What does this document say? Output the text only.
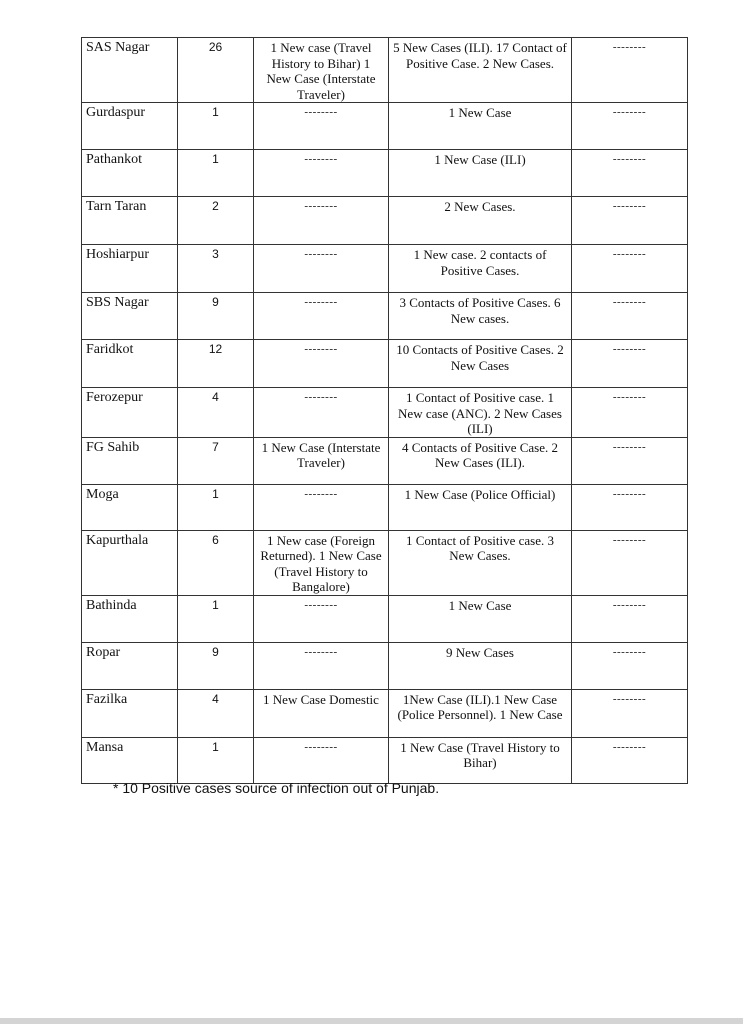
SAS Nagar	26	1 New case (Travel History to Bihar) 1 New Case (Interstate Traveler)	5 New Cases (ILI). 17 Contact of Positive Case. 2 New Cases.	--------
Gurdaspur	1	--------	1 New Case	--------
Pathankot	1	--------	1 New Case (ILI)	--------
Tarn Taran	2	--------	2 New Cases.	--------
Hoshiarpur	3	--------	1 New case. 2 contacts of Positive Cases.	--------
SBS Nagar	9	--------	3 Contacts of Positive Cases. 6 New cases.	--------
Faridkot	12	--------	10 Contacts of Positive Cases. 2 New Cases	--------
Ferozepur	4	--------	1 Contact of Positive case. 1 New case (ANC). 2 New Cases (ILI)	--------
FG Sahib	7	1 New Case (Interstate Traveler)	4 Contacts of Positive Case. 2 New Cases (ILI).	--------
Moga	1	--------	1 New Case (Police Official)	--------
Kapurthala	6	1 New case (Foreign Returned). 1 New Case (Travel History to Bangalore)	1 Contact of Positive case. 3 New Cases.	--------
Bathinda	1	--------	1 New Case	--------
Ropar	9	--------	9 New Cases	--------
Fazilka	4	1 New Case Domestic	1New Case (ILI).1 New Case (Police Personnel). 1 New Case	--------
Mansa	1	--------	1 New Case (Travel History to Bihar)	--------
* 10 Positive cases source of infection out of Punjab.
